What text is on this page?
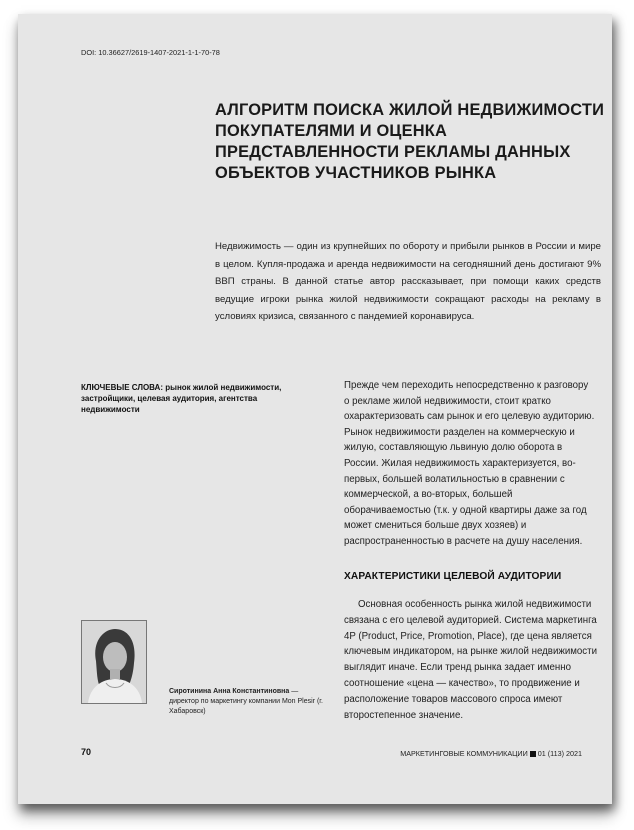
DOI: 10.36627/2619-1407-2021-1-1-70-78
АЛГОРИТМ ПОИСКА ЖИЛОЙ НЕДВИЖИМОСТИ ПОКУПАТЕЛЯМИ И ОЦЕНКА ПРЕДСТАВЛЕННОСТИ РЕКЛАМЫ ДАННЫХ ОБЪЕКТОВ УЧАСТНИКОВ РЫНКА

Недвижимость — один из крупнейших по обороту и прибыли рынков в России и мире в целом. Купля-продажа и аренда недвижимости на сегодняшний день достигают 9% ВВП страны. В данной статье автор рассказывает, при помощи каких средств ведущие игроки рынка жилой недвижимости сокращают расходы на рекламу в условиях кризиса, связанного с пандемией коронавируса.

КЛЮЧЕВЫЕ СЛОВА: рынок жилой недвижимости, застройщики, целевая аудитория, агентства недвижимости

Прежде чем переходить непосредственно к разговору о рекламе жилой недвижимости, стоит кратко охарактеризовать сам рынок и его целевую аудиторию. Рынок недвижимости разделен на коммерческую и жилую, составляющую львиную долю оборота в России. Жилая недвижимость характеризуется, во-первых, большей волатильностью в сравнении с коммерческой, а во-вторых, большей оборачиваемостью (т.к. у одной квартиры даже за год может смениться больше двух хозяев) и распространенностью в расчете на душу населения.

ХАРАКТЕРИСТИКИ ЦЕЛЕВОЙ АУДИТОРИИ

Основная особенность рынка жилой недвижимости связана с его целевой аудиторией. Система маркетинга 4P (Product, Price, Promotion, Place), где цена является ключевым индикатором, на рынке жилой недвижимости выглядит иначе. Если тренд рынка задает именно соотношение «цена — качество», то продвижение и расположение товаров массового спроса имеют второстепенное значение.

Сиротинина Анна Константиновна — директор по маркетингу компании Mon Plesir (г. Хабаровск)

70	МАРКЕТИНГОВЫЕ КОММУНИКАЦИИ 01 (113) 2021
